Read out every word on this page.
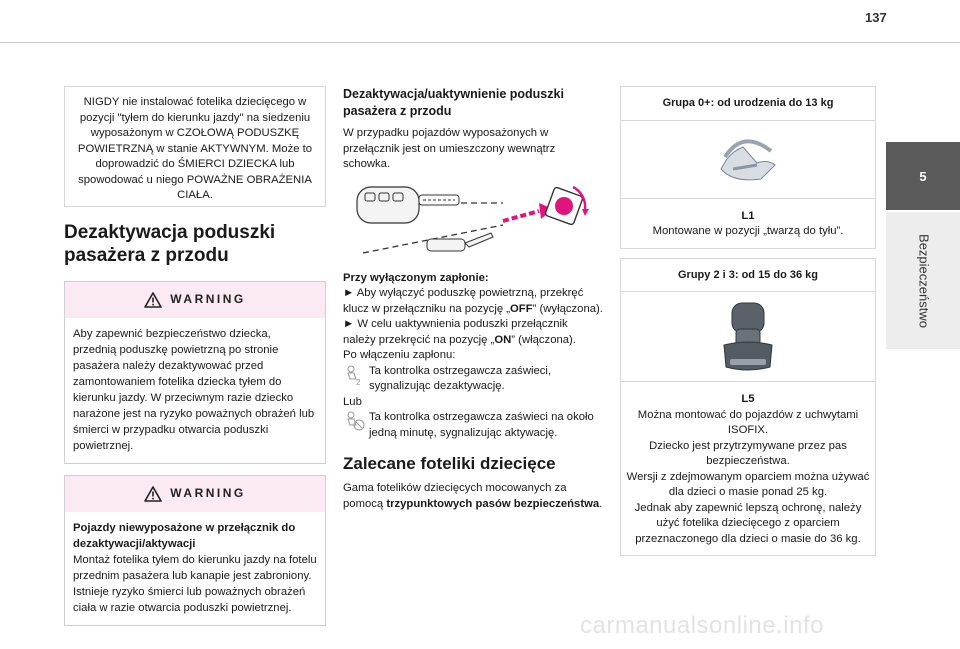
137
5
Bezpieczeństwo
NIGDY nie instalować fotelika dziecięcego w pozycji "tyłem do kierunku jazdy" na siedzeniu wyposażonym w CZOŁOWĄ PODUSZKĘ POWIETRZNĄ w stanie AKTYWNYM. Może to doprowadzić do ŚMIERCI DZIECKA lub spowodować u niego POWAŻNE OBRAŻENIA CIAŁA.
Dezaktywacja poduszki pasażera z przodu
WARNING
Aby zapewnić bezpieczeństwo dziecka, przednią poduszkę powietrzną po stronie pasażera należy dezaktywować przed zamontowaniem fotelika dziecka tyłem do kierunku jazdy. W przeciwnym razie dziecko narażone jest na ryzyko poważnych obrażeń lub śmierci w przypadku otwarcia poduszki powietrznej.
WARNING
Pojazdy niewyposażone w przełącznik do dezaktywacji/aktywacji
Montaż fotelika tyłem do kierunku jazdy na fotelu przednim pasażera lub kanapie jest zabroniony. Istnieje ryzyko śmierci lub poważnych obrażeń ciała w razie otwarcia poduszki powietrznej.
Dezaktywacja/uaktywnienie poduszki pasażera z przodu
W przypadku pojazdów wyposażonych w przełącznik jest on umieszczony wewnątrz schowka.
Przy wyłączonym zapłonie:
► Aby wyłączyć poduszkę powietrzną, przekręć klucz w przełączniku na pozycję „OFF” (wyłączona).
► W celu uaktywnienia poduszki przełącznik należy przekręcić na pozycję „ON” (włączona).
Po włączeniu zapłonu:
2
Ta kontrolka ostrzegawcza zaświeci, sygnalizując dezaktywację.
Lub
Ta kontrolka ostrzegawcza zaświeci na około jedną minutę, sygnalizując aktywację.
Zalecane foteliki dziecięce
Gama fotelików dziecięcych mocowanych za pomocą trzypunktowych pasów bezpieczeństwa.
Grupa 0+: od urodzenia do 13 kg
L1
Montowane w pozycji „twarzą do tyłu”.
Grupy 2 i 3: od 15 do 36 kg
L5
Można montować do pojazdów z uchwytami ISOFIX.
Dziecko jest przytrzymywane przez pas bezpieczeństwa.
Wersji z zdejmowanym oparciem można używać dla dzieci o masie ponad 25 kg.
Jednak aby zapewnić lepszą ochronę, należy użyć fotelika dziecięcego z oparciem przeznaczonego dla dzieci o masie do 36 kg.
carmanualsonline.info
